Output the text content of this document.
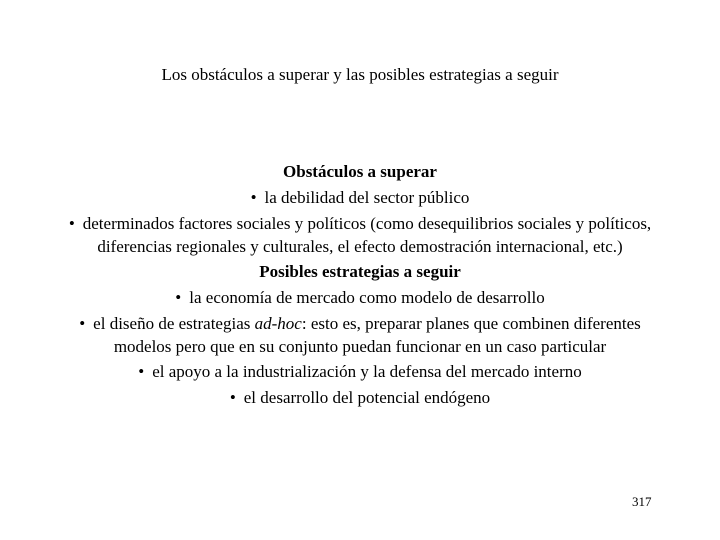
Los obstáculos a superar y las posibles estrategias a seguir
Obstáculos a superar
• la debilidad del sector público
• determinados factores sociales y políticos (como desequilibrios sociales y políticos, diferencias regionales y culturales, el efecto demostración internacional, etc.)
Posibles estrategias a seguir
• la economía de mercado como modelo de desarrollo
• el diseño de estrategias ad-hoc: esto es, preparar planes que combinen diferentes modelos pero que en su conjunto puedan funcionar en un caso particular
• el apoyo a la industrialización y la defensa del mercado interno
• el desarrollo del potencial endógeno
317
